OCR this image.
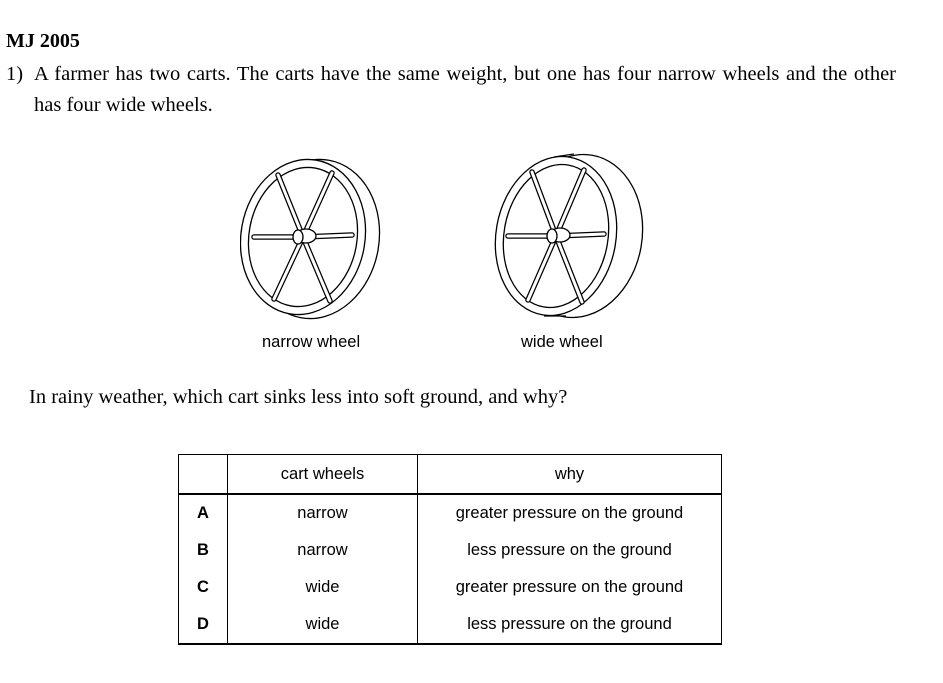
MJ 2005
1) A farmer has two carts. The carts have the same weight, but one has four narrow wheels and the other has four wide wheels.
narrow wheel	wide wheel
In rainy weather, which cart sinks less into soft ground, and why?
	cart wheels	why
A	narrow	greater pressure on the ground
B	narrow	less pressure on the ground
C	wide	greater pressure on the ground
D	wide	less pressure on the ground
